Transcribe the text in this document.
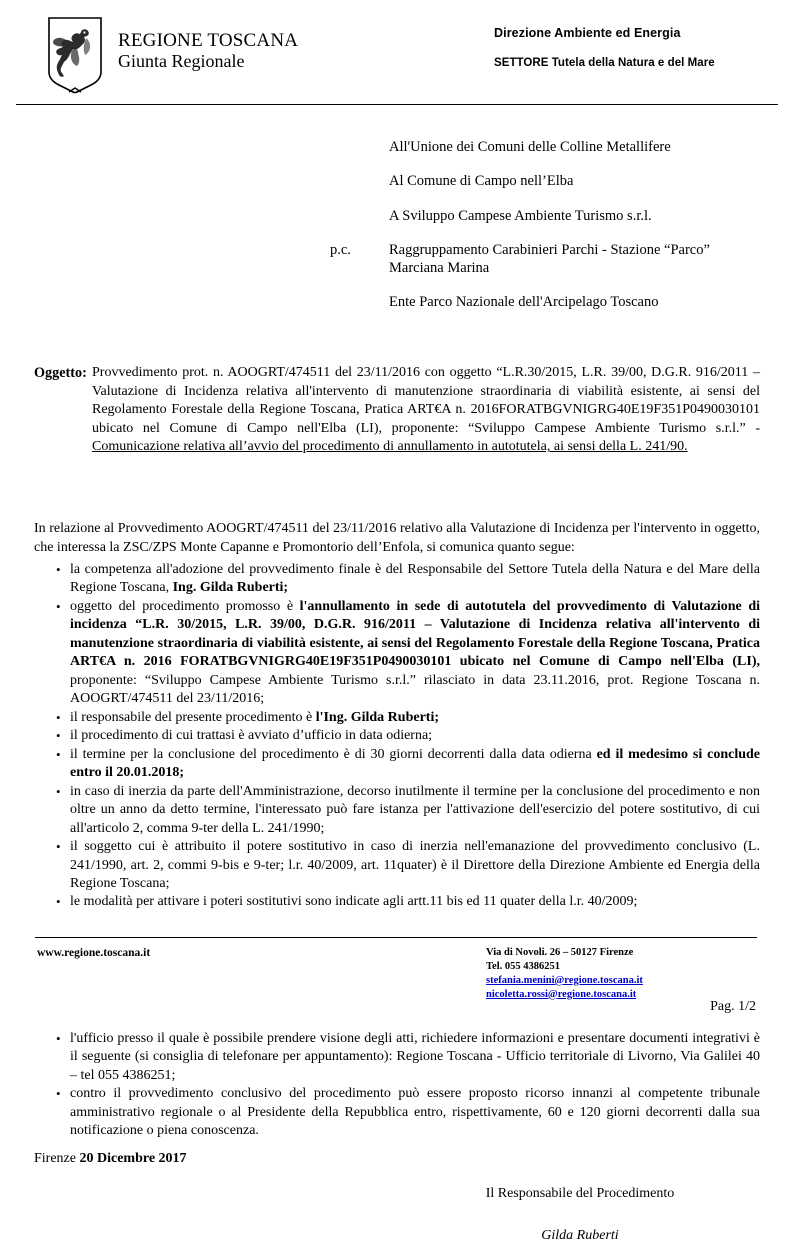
REGIONE TOSCANA
Giunta Regionale
Direzione Ambiente ed Energia
SETTORE Tutela della Natura e del Mare
All'Unione dei Comuni delle Colline Metallifere
Al Comune di Campo nell’Elba
A Sviluppo Campese Ambiente Turismo s.r.l.
p.c.	Raggruppamento Carabinieri Parchi - Stazione “Parco” Marciana Marina
Ente Parco Nazionale dell'Arcipelago Toscano
Oggetto: Provvedimento prot. n. AOOGRT/474511 del 23/11/2016 con oggetto “L.R.30/2015, L.R. 39/00, D.G.R. 916/2011 – Valutazione di Incidenza relativa all'intervento di manutenzione straordinaria di viabilità esistente, ai sensi del Regolamento Forestale della Regione Toscana, Pratica ART€A n. 2016FORATBGVNIGRG40E19F351P0490030101 ubicato nel Comune di Campo nell'Elba (LI), proponente: “Sviluppo Campese Ambiente Turismo s.r.l.” - Comunicazione relativa all’avvio del procedimento di annullamento in autotutela, ai sensi della L. 241/90.
In relazione al Provvedimento AOOGRT/474511 del 23/11/2016 relativo alla Valutazione di Incidenza per l'intervento in oggetto, che interessa la ZSC/ZPS Monte Capanne e Promontorio dell’Enfola, si comunica quanto segue:
• la competenza all'adozione del provvedimento finale è del Responsabile del Settore Tutela della Natura e del Mare della Regione Toscana, Ing. Gilda Ruberti;
• oggetto del procedimento promosso è l'annullamento in sede di autotutela del provvedimento di Valutazione di incidenza “L.R. 30/2015, L.R. 39/00, D.G.R. 916/2011 – Valutazione di Incidenza relativa all'intervento di manutenzione straordinaria di viabilità esistente, ai sensi del Regolamento Forestale della Regione Toscana, Pratica ART€A n. 2016 FORATBGVNIGRG40E19F351P0490030101 ubicato nel Comune di Campo nell'Elba (LI), proponente: “Sviluppo Campese Ambiente Turismo s.r.l.” rilasciato in data 23.11.2016, prot. Regione Toscana n. AOOGRT/474511 del 23/11/2016;
• il responsabile del presente procedimento è l'Ing. Gilda Ruberti;
• il procedimento di cui trattasi è avviato d’ufficio in data odierna;
• il termine per la conclusione del procedimento è di 30 giorni decorrenti dalla data odierna ed il medesimo si conclude entro il 20.01.2018;
• in caso di inerzia da parte dell'Amministrazione, decorso inutilmente il termine per la conclusione del procedimento e non oltre un anno da detto termine, l'interessato può fare istanza per l'attivazione dell'esercizio del potere sostitutivo, di cui all'articolo 2, comma 9-ter della L. 241/1990;
• il soggetto cui è attribuito il potere sostitutivo in caso di inerzia nell'emanazione del provvedimento conclusivo (L. 241/1990, art. 2, commi 9-bis e 9-ter; l.r. 40/2009, art. 11quater) è il Direttore della Direzione Ambiente ed Energia della Regione Toscana;
• le modalità per attivare i poteri sostitutivi sono indicate agli artt.11 bis ed 11 quater della l.r. 40/2009;
www.regione.toscana.it	Via di Novoli. 26 – 50127 Firenze
Tel. 055 4386251
stefania.menini@regione.toscana.it
nicoletta.rossi@regione.toscana.it
Pag. 1/2
• l'ufficio presso il quale è possibile prendere visione degli atti, richiedere informazioni e presentare documenti integrativi è il seguente (si consiglia di telefonare per appuntamento): Regione Toscana - Ufficio territoriale di Livorno, Via Galilei 40 – tel 055 4386251;
• contro il provvedimento conclusivo del procedimento può essere proposto ricorso innanzi al competente tribunale amministrativo regionale o al Presidente della Repubblica entro, rispettivamente, 60 e 120 giorni decorrenti dalla sua notificazione o piena conoscenza.
Firenze 20 Dicembre 2017
Il Responsabile del Procedimento
Gilda Ruberti
